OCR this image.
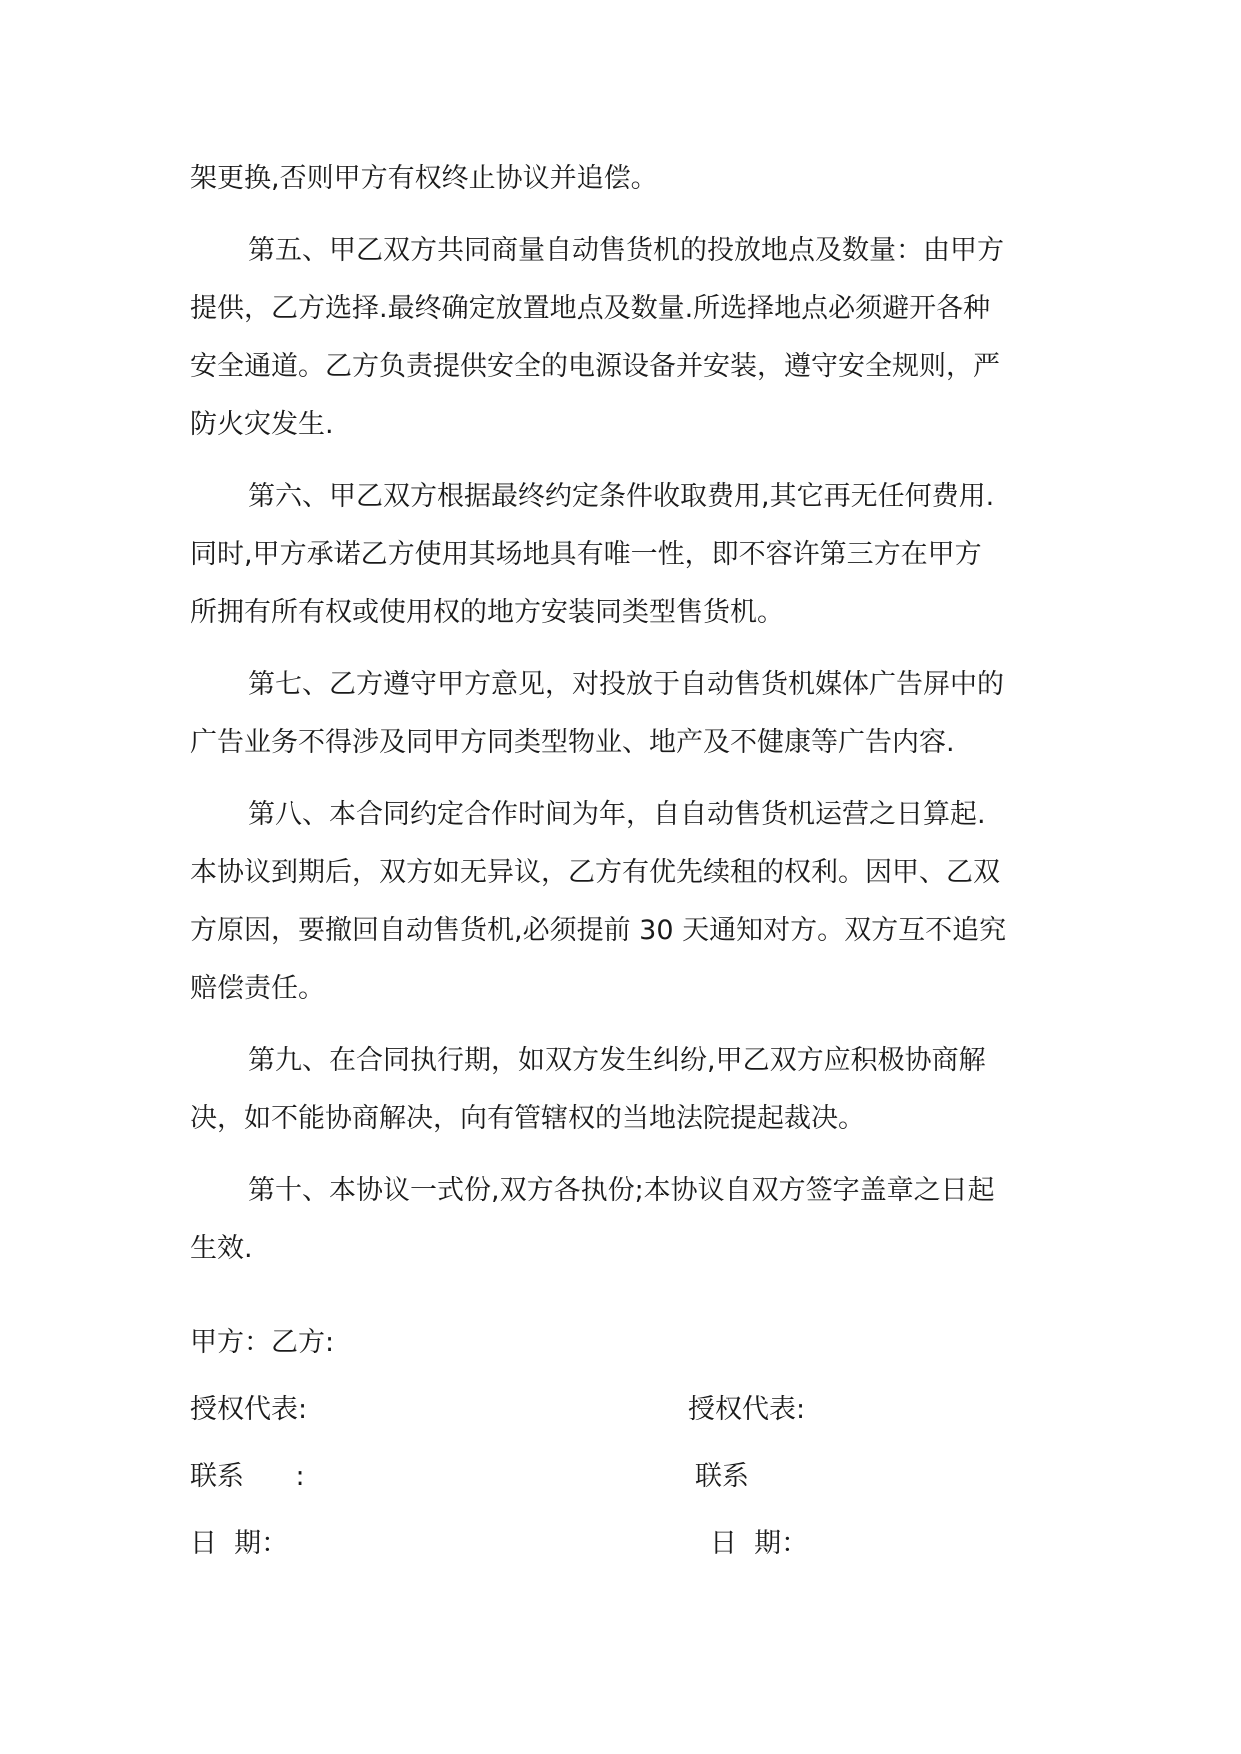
架更换,否则甲方有权终止协议并追偿。
第五、甲乙双方共同商量自动售货机的投放地点及数量：由甲方
提供，乙方选择.最终确定放置地点及数量.所选择地点必须避开各种
安全通道。乙方负责提供安全的电源设备并安装，遵守安全规则，严
防火灾发生.
第六、甲乙双方根据最终约定条件收取费用,其它再无任何费用.
同时,甲方承诺乙方使用其场地具有唯一性，即不容许第三方在甲方
所拥有所有权或使用权的地方安装同类型售货机。
第七、乙方遵守甲方意见，对投放于自动售货机媒体广告屏中的
广告业务不得涉及同甲方同类型物业、地产及不健康等广告内容.
第八、本合同约定合作时间为年，自自动售货机运营之日算起.
本协议到期后，双方如无异议，乙方有优先续租的权利。因甲、乙双
方原因，要撤回自动售货机,必须提前 30 天通知对方。双方互不追究
赔偿责任。
第九、在合同执行期，如双方发生纠纷,甲乙双方应积极协商解
决，如不能协商解决，向有管辖权的当地法院提起裁决。
第十、本协议一式份,双方各执份;本协议自双方签字盖章之日起
生效.
甲方：乙方:
授权代表:	授权代表:
联系      :	联系
日  期：	日  期：
